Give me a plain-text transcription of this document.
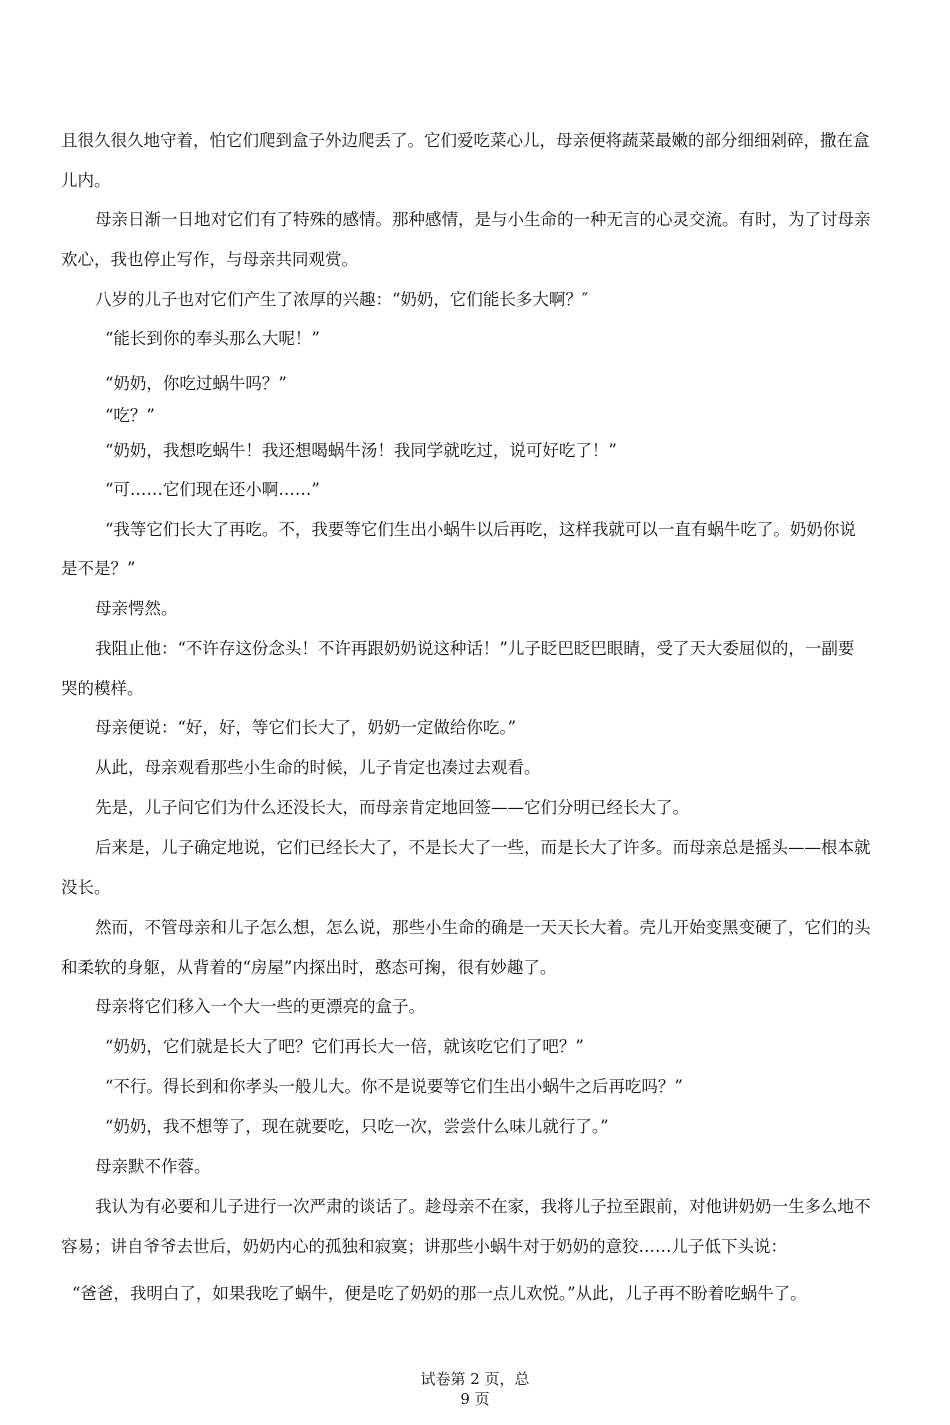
且很久很久地守着，怕它们爬到盒子外边爬丢了。它们爱吃菜心儿，母亲便将蔬菜最嫩的部分细细剁碎，撒在盒
儿内。
母亲日渐一日地对它们有了特殊的感情。那种感情，是与小生命的一种无言的心灵交流。有时，为了讨母亲
欢心，我也停止写作，与母亲共同观赏。
八岁的儿子也对它们产生了浓厚的兴趣：“奶奶，它们能长多大啊？″
“能长到你的奉头那么大呢！”
“奶奶，你吃过蜗牛吗？”
“吃？”
“奶奶，我想吃蜗牛！我还想喝蜗牛汤！我同学就吃过，说可好吃了！”
“可……它们现在还小啊……”
“我等它们长大了再吃。不，我要等它们生出小蜗牛以后再吃，这样我就可以一直有蜗牛吃了。奶奶你说
是不是？”
母亲愕然。
我阻止他：“不许存这份念头！不许再跟奶奶说这种话！”儿子眨巴眨巴眼睛，受了天大委屈似的，一副要
哭的模样。
母亲便说：“好，好，等它们长大了，奶奶一定做给你吃。”
从此，母亲观看那些小生命的时候，儿子肯定也凑过去观看。
先是，儿子问它们为什么还没长大，而母亲肯定地回签——它们分明已经长大了。
后来是，儿子确定地说，它们已经长大了，不是长大了一些，而是长大了许多。而母亲总是摇头——根本就
没长。
然而，不管母亲和儿子怎么想，怎么说，那些小生命的确是一天天长大着。壳儿开始变黑变硬了，它们的头
和柔软的身躯，从背着的“房屋”内探出时，憨态可掬，很有妙趣了。
母亲将它们移入一个大一些的更漂亮的盒子。
“奶奶，它们就是长大了吧？它们再长大一倍，就该吃它们了吧？”
“不行。得长到和你孝头一般儿大。你不是说要等它们生出小蜗牛之后再吃吗？”
“奶奶，我不想等了，现在就要吃，只吃一次，尝尝什么味儿就行了。”
母亲默不作蓉。
我认为有必要和儿子进行一次严肃的谈话了。趁母亲不在家，我将儿子拉至跟前，对他讲奶奶一生多么地不
容易；讲自爷爷去世后，奶奶内心的孤独和寂寞；讲那些小蜗牛对于奶奶的意狡……儿子低下头说：
“爸爸，我明白了，如果我吃了蜗牛，便是吃了奶奶的那一点儿欢悦。”从此，儿子再不盼着吃蜗牛了。
试卷第 2 页，总
9 页
